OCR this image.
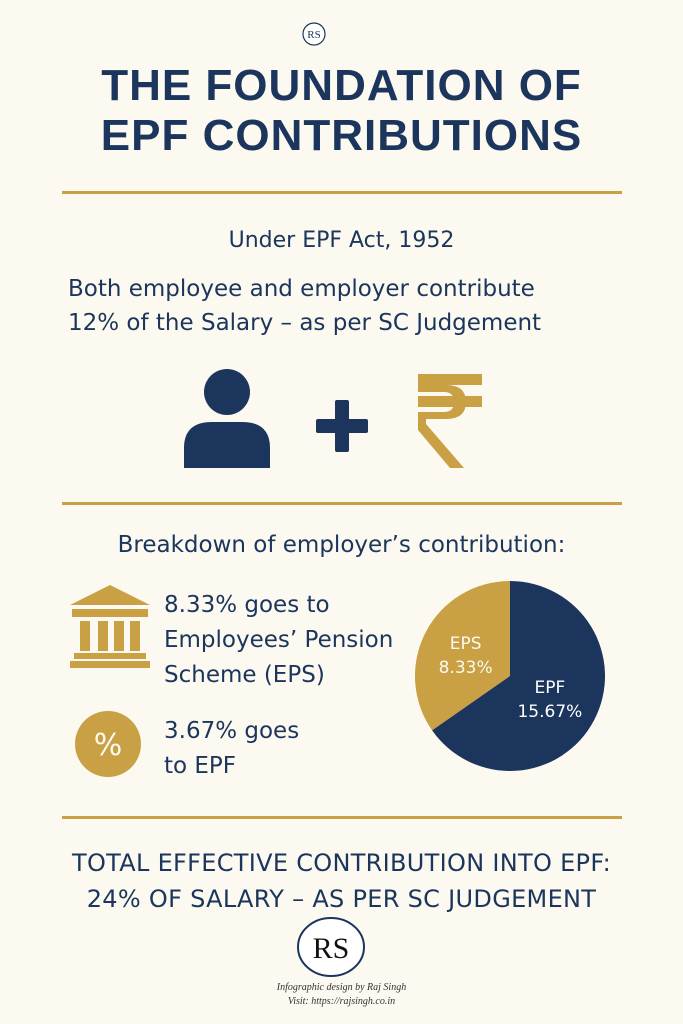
RS
THE FOUNDATION OF
EPF CONTRIBUTIONS
Under EPF Act, 1952
Both employee and employer contribute
12% of the Salary – as per SC Judgement
Breakdown of employer’s contribution:
8.33% goes to
Employees’ Pension
Scheme (EPS)
% 3.67% goes
to EPF
EPS
8.33%
EPF
15.67%
TOTAL EFFECTIVE CONTRIBUTION INTO EPF:
24% OF SALARY – AS PER SC JUDGEMENT
RS
Infographic design by Raj Singh
Visit: https://rajsingh.co.in
